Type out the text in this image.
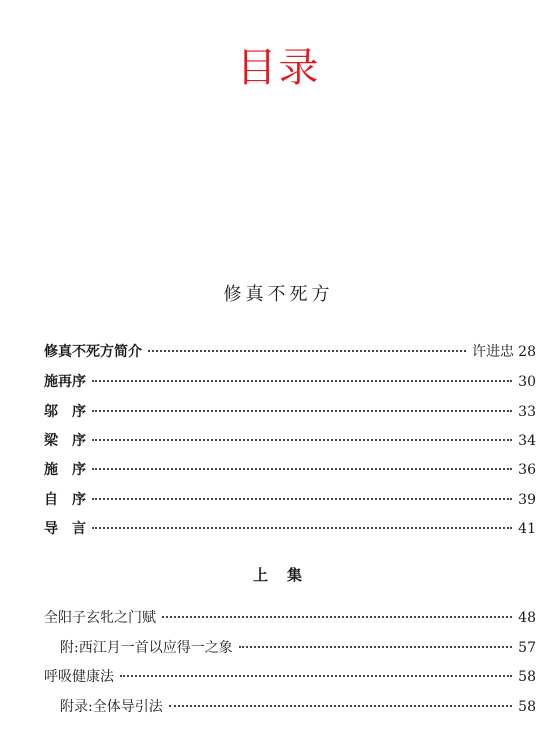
目录
修真不死方
修真不死方简介	许进忠 28
施再序	30
邬　序	33
梁　序	34
施　序	36
自　序	39
导　言	41
上　集
全阳子玄牝之门赋	48
附:西江月一首以应得一之象	57
呼吸健康法	58
附录:全体导引法	58
